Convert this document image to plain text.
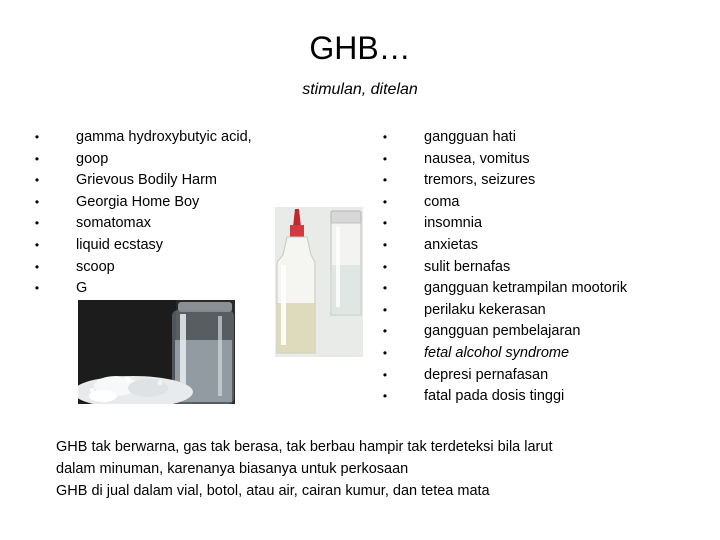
GHB…
stimulan, ditelan
•	gamma hydroxybutyic acid,
•	goop
•	Grievous Bodily Harm
•	Georgia Home Boy
•	somatomax
•	liquid ecstasy
•	scoop
•	G
•	gangguan hati
•	nausea, vomitus
•	tremors, seizures
•	coma
•	insomnia
•	anxietas
•	sulit bernafas
•	gangguan ketrampilan mootorik
•	perilaku kekerasan
•	gangguan pembelajaran
•	fetal alcohol syndrome
•	depresi pernafasan
•	fatal pada dosis tinggi
GHB tak berwarna, gas tak berasa, tak berbau hampir tak terdeteksi bila larut
dalam minuman, karenanya biasanya untuk perkosaan
GHB di jual dalam vial, botol, atau air, cairan kumur, dan tetea mata
